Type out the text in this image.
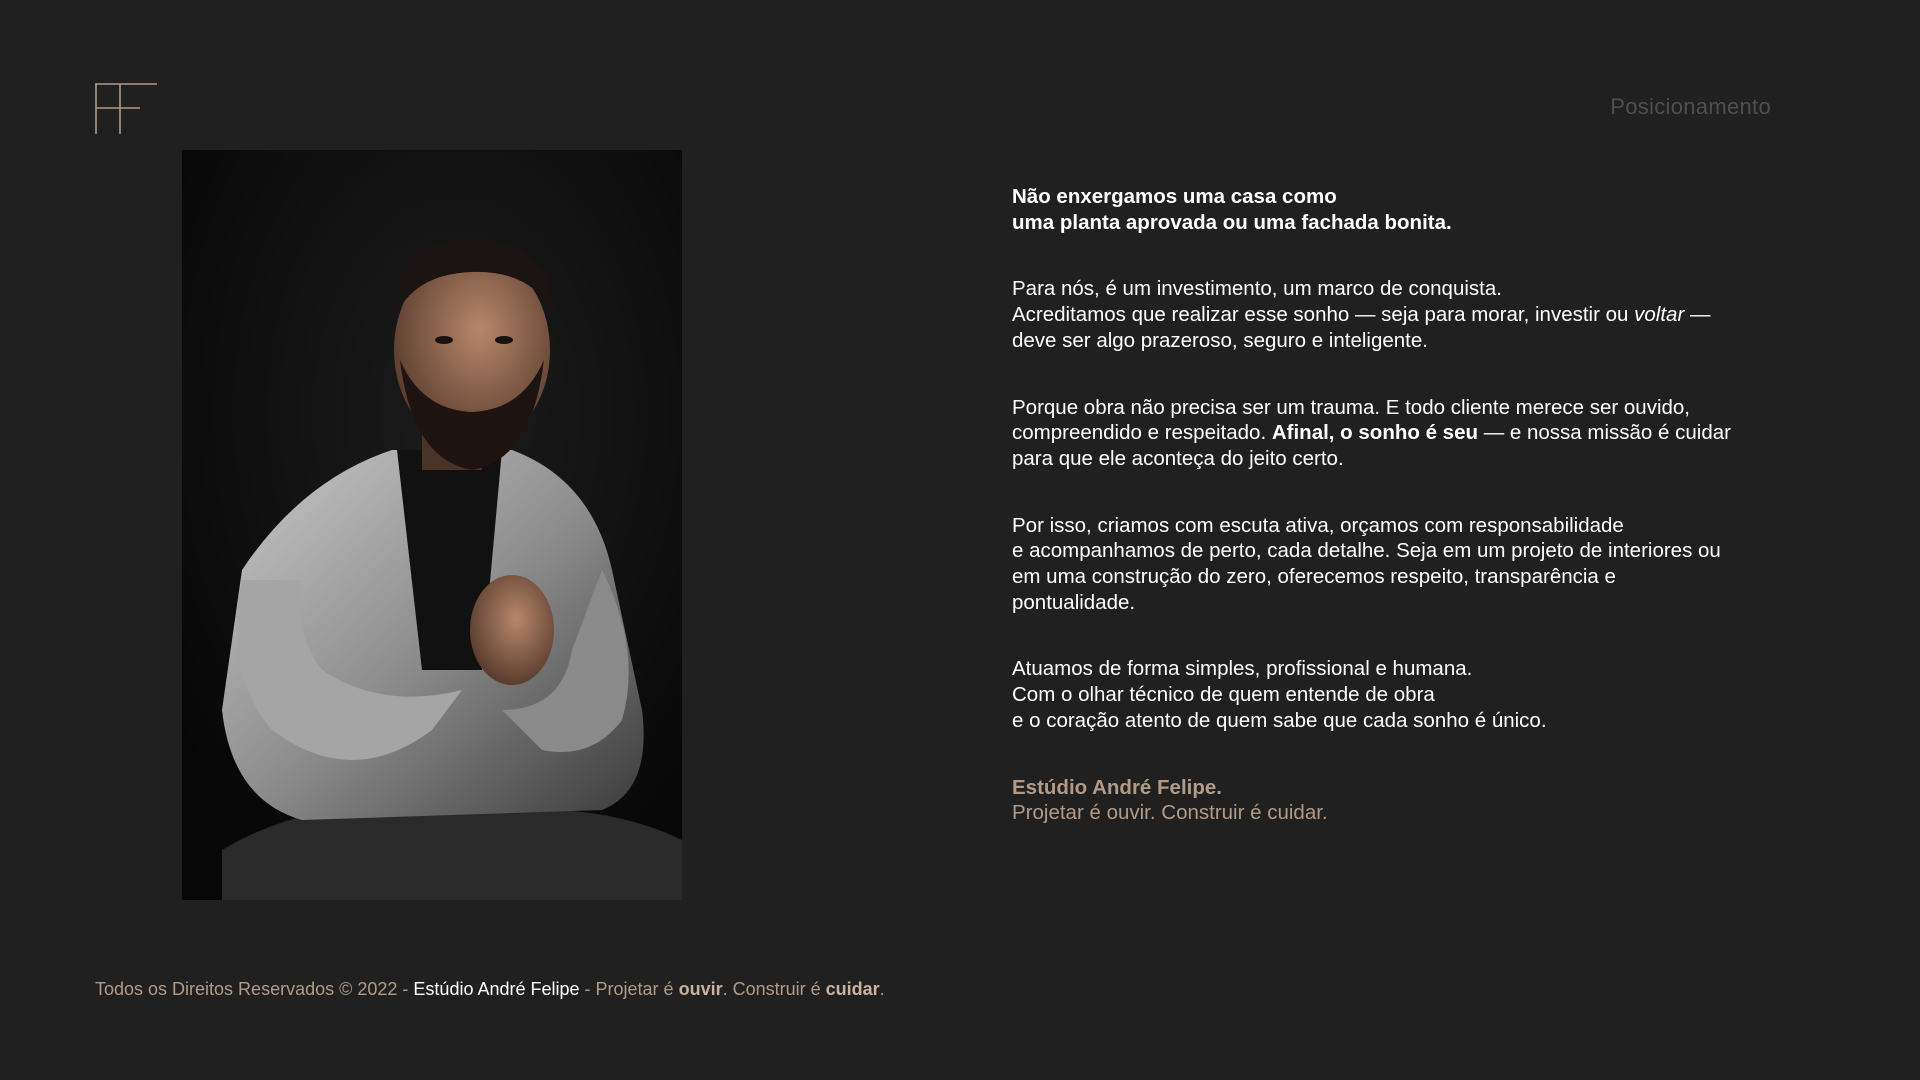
Posicionamento

Não enxergamos uma casa como
uma planta aprovada ou uma fachada bonita.

Para nós, é um investimento, um marco de conquista.
Acreditamos que realizar esse sonho — seja para morar, investir ou voltar —
deve ser algo prazeroso, seguro e inteligente.

Porque obra não precisa ser um trauma. E todo cliente merece ser ouvido,
compreendido e respeitado. Afinal, o sonho é seu — e nossa missão é cuidar
para que ele aconteça do jeito certo.

Por isso, criamos com escuta ativa, orçamos com responsabilidade
e acompanhamos de perto, cada detalhe. Seja em um projeto de interiores ou
em uma construção do zero, oferecemos respeito, transparência e
pontualidade.

Atuamos de forma simples, profissional e humana.
Com o olhar técnico de quem entende de obra
e o coração atento de quem sabe que cada sonho é único.

Estúdio André Felipe.
Projetar é ouvir. Construir é cuidar.

Todos os Direitos Reservados © 2022 - Estúdio André Felipe - Projetar é ouvir. Construir é cuidar.
